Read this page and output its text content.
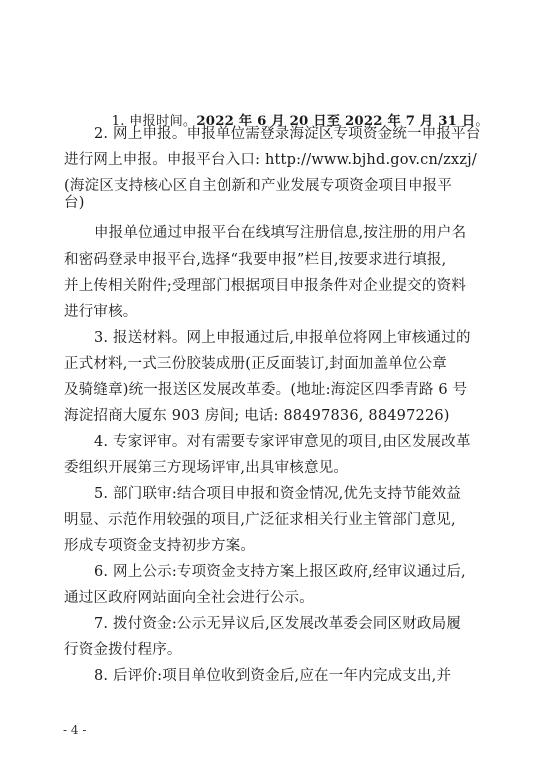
1. 申报时间。2022 年 6 月 20 日至 2022 年 7 月 31 日。

2. 网上申报。申报单位需登录海淀区专项资金统一申报平台
进行网上申报。申报平台入口: http://www.bjhd.gov.cn/zxzj/
(海淀区支持核心区自主创新和产业发展专项资金项目申报平
台)
申报单位通过申报平台在线填写注册信息,按注册的用户名
和密码登录申报平台,选择“我要申报”栏目,按要求进行填报,
并上传相关附件;受理部门根据项目申报条件对企业提交的资料
进行审核。
3. 报送材料。网上申报通过后,申报单位将网上审核通过的
正式材料,一式三份胶装成册(正反面装订,封面加盖单位公章
及骑缝章)统一报送区发展改革委。(地址:海淀区四季青路 6 号
海淀招商大厦东 903 房间; 电话: 88497836, 88497226)
4. 专家评审。对有需要专家评审意见的项目,由区发展改革
委组织开展第三方现场评审,出具审核意见。
5. 部门联审:结合项目申报和资金情况,优先支持节能效益
明显、示范作用较强的项目,广泛征求相关行业主管部门意见,
形成专项资金支持初步方案。
6. 网上公示:专项资金支持方案上报区政府,经审议通过后,
通过区政府网站面向全社会进行公示。
7. 拨付资金:公示无异议后,区发展改革委会同区财政局履
行资金拨付程序。
8. 后评价:项目单位收到资金后,应在一年内完成支出,并
- 4 -
